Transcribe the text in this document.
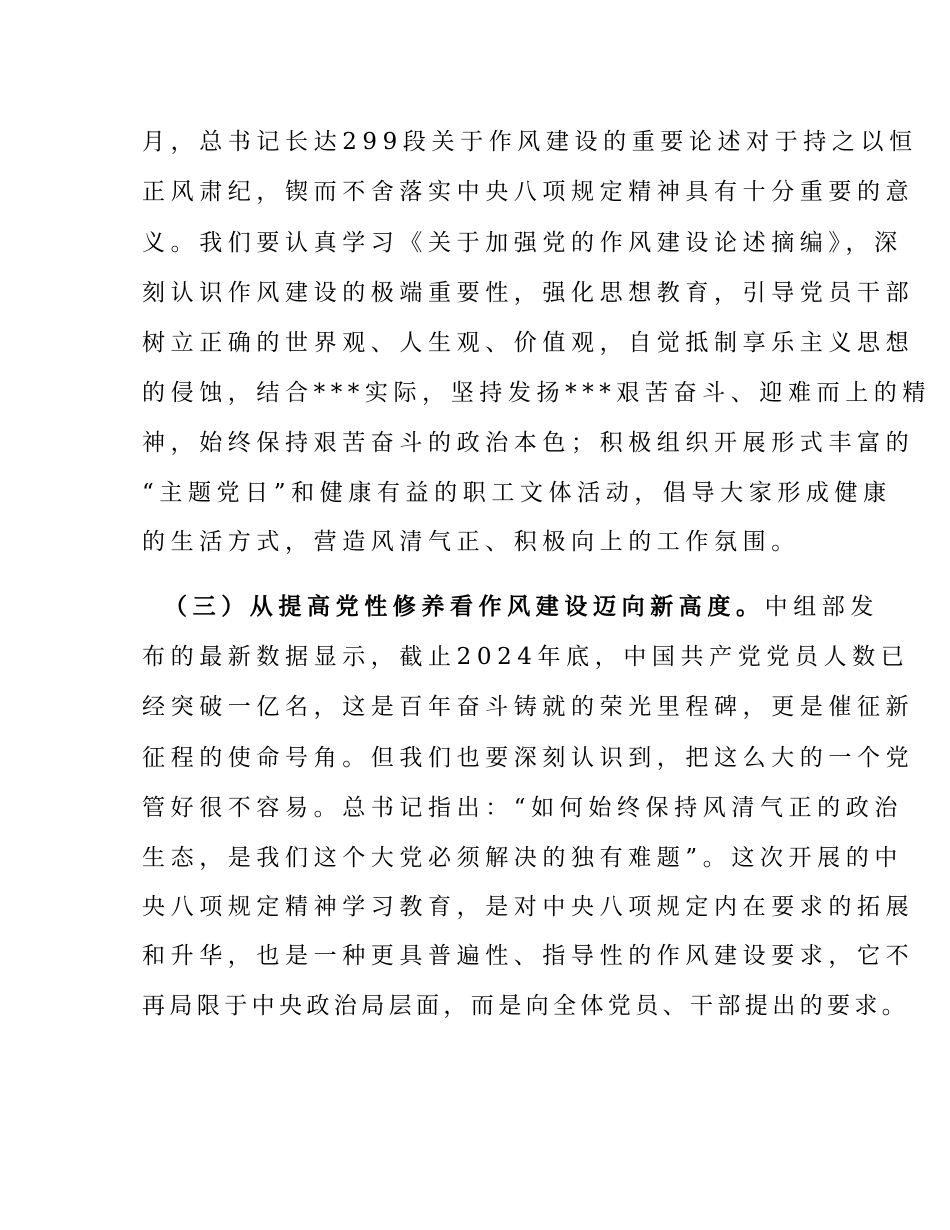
月，总书记长达299段关于作风建设的重要论述对于持之以恒
正风肃纪，锲而不舍落实中央八项规定精神具有十分重要的意
义。我们要认真学习《关于加强党的作风建设论述摘编》，深
刻认识作风建设的极端重要性，强化思想教育，引导党员干部
树立正确的世界观、人生观、价值观，自觉抵制享乐主义思想
的侵蚀，结合***实际，坚持发扬***艰苦奋斗、迎难而上的精
神，始终保持艰苦奋斗的政治本色；积极组织开展形式丰富的
“主题党日”和健康有益的职工文体活动，倡导大家形成健康
的生活方式，营造风清气正、积极向上的工作氛围。
（三）从提高党性修养看作风建设迈向新高度。中组部发
布的最新数据显示，截止2024年底，中国共产党党员人数已
经突破一亿名，这是百年奋斗铸就的荣光里程碑，更是催征新
征程的使命号角。但我们也要深刻认识到，把这么大的一个党
管好很不容易。总书记指出：“如何始终保持风清气正的政治
生态，是我们这个大党必须解决的独有难题”。这次开展的中
央八项规定精神学习教育，是对中央八项规定内在要求的拓展
和升华，也是一种更具普遍性、指导性的作风建设要求，它不
再局限于中央政治局层面，而是向全体党员、干部提出的要求。
